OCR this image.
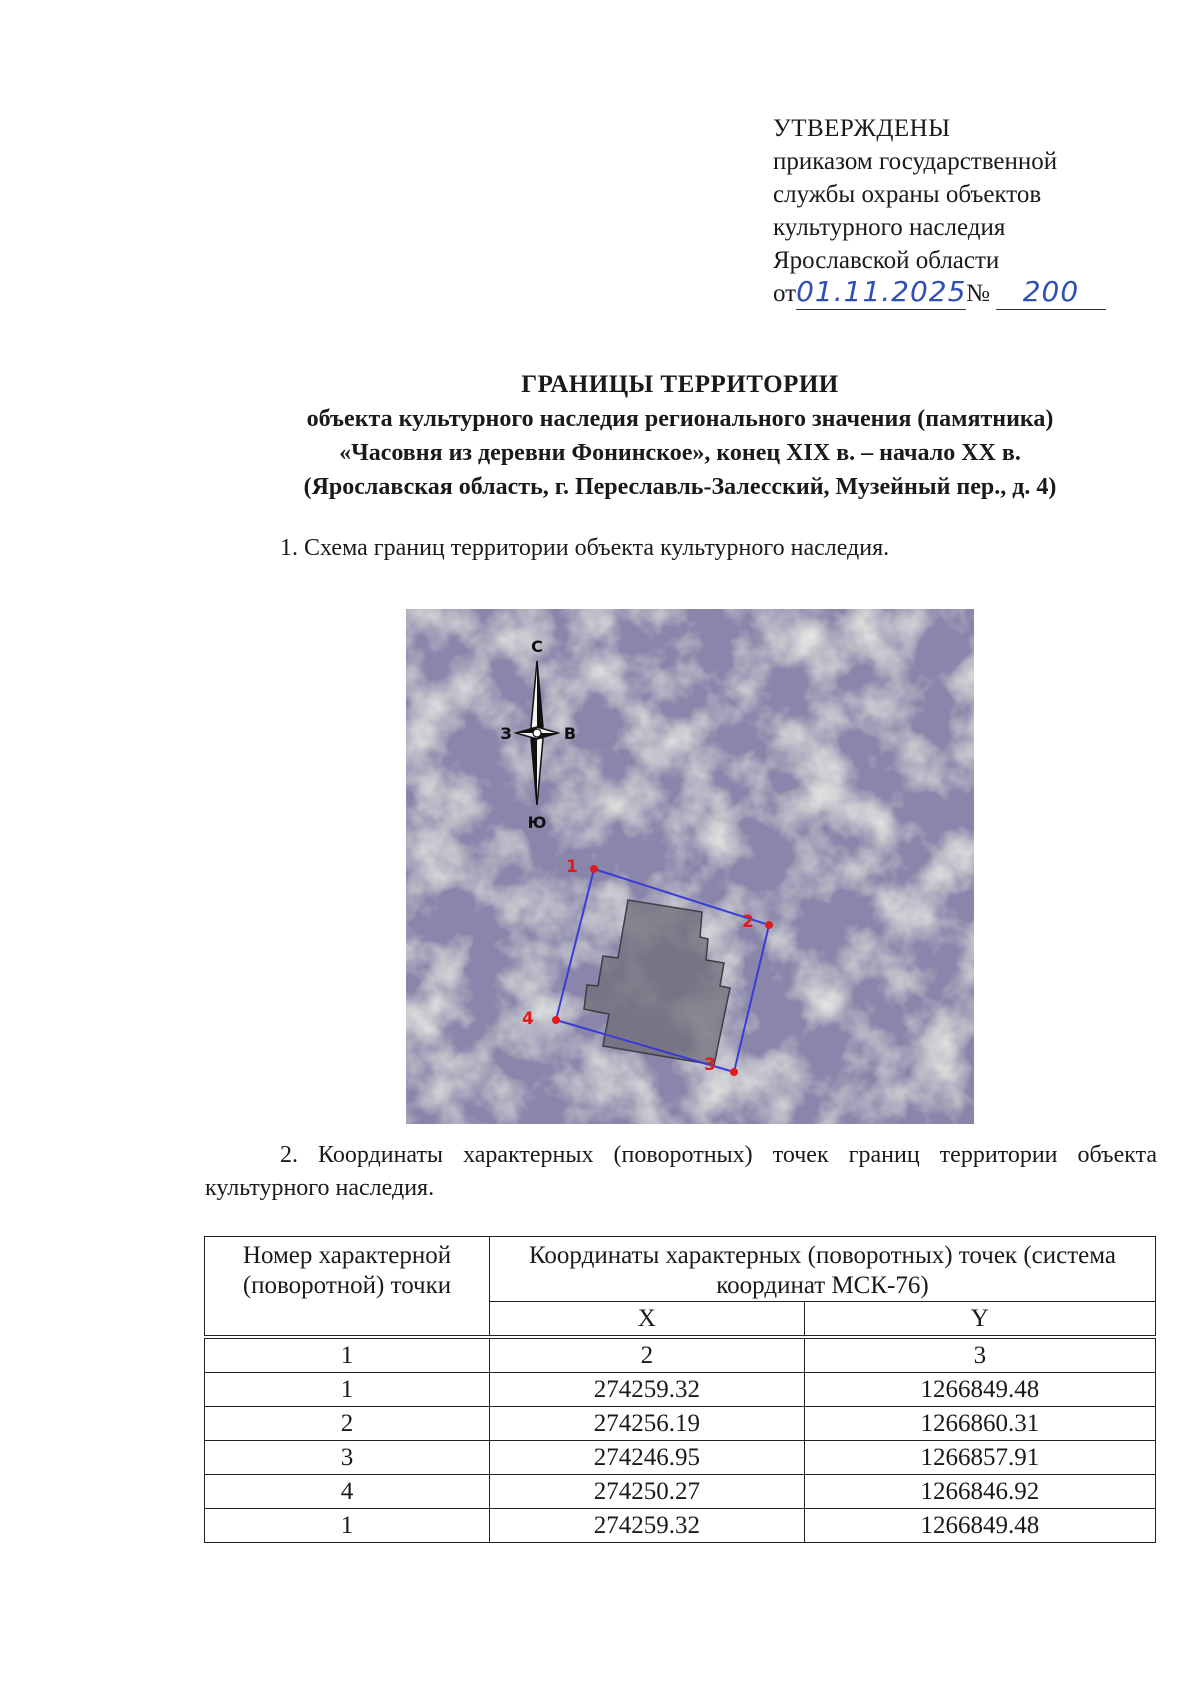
УТВЕРЖДЕНЫ
приказом государственной
службы охраны объектов
культурного наследия
Ярославской области
от01.11.2025№ 200
ГРАНИЦЫ ТЕРРИТОРИИ
объекта культурного наследия регионального значения (памятника)
«Часовня из деревни Фонинское», конец XIX в. – начало XX в.
(Ярославская область, г. Переславль-Залесский, Музейный пер., д. 4)
1. Схема границ территории объекта культурного наследия.
1
2
3
4
С
Ю
З	В
2. Координаты характерных (поворотных) точек границ территории объекта культурного наследия.
Номер характерной (поворотной) точки	Координаты характерных (поворотных) точек (система координат МСК-76)	
	X	Y
1	2	3
1	274259.32	1266849.48
2	274256.19	1266860.31
3	274246.95	1266857.91
4	274250.27	1266846.92
1	274259.32	1266849.48
